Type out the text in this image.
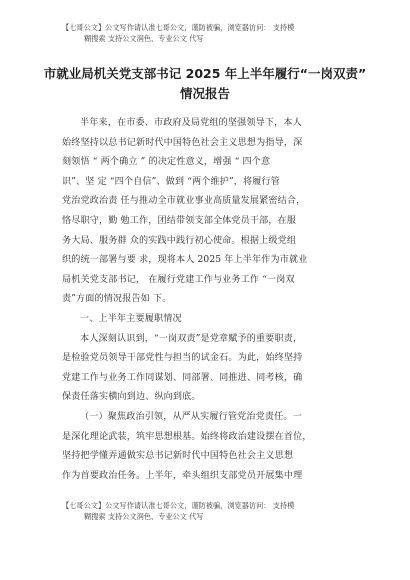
【七哥公文】公文写作请认准七哥公文，谨防被骗，浏览器访问： 支持模
糊搜索 支持公文润色、专业公文 代写
市就业局机关党支部书记 2025 年上半年履行“一岗双责”
情况报告
半年来，在市委、市政府及局党组的坚强领导下，本人
始终坚持以总书记新时代中国特色社会主义思想为指导，深
刻领悟 “ 两个确立 ” 的决定性意义，增强 “ 四个意
识”、坚 定 “四个自信”、做到 “两个维护”，将履行管
党治党政治责 任与推动全市就业事业高质量发展紧密结合，
恪尽职守，勤 勉工作，团结带领支部全体党员干部，在服
务大局、服务群 众的实践中践行初心使命。根据上级党组
织的统一部署与要 求，现将本人 2025 年上半年作为市就业
局机关党支部书记， 在履行党建工作与业务工作 “一岗双
责”方面的情况报告如 下。
一、上半年主要履职情况
本人深刻认识到，“一岗双责”是党章赋予的重要职责，
是检验党员领导干部党性与担当的试金石。为此，始终坚持
党建工作与业务工作同谋划、同部署、同推进、同考核，确
保责任落实横向到边、纵向到底。
（一）聚焦政治引领，从严从实履行管党治党责任。一
是深化理论武装，筑牢思想根基。始终将政治建设摆在首位，
坚持把学懂弄通做实总书记新时代中国特色社会主义思想
作为首要政治任务。上半年，牵头组织支部党员开展集中理
【七哥公文】公文写作请认准七哥公文，谨防被骗，浏览器访问： 支持模
糊搜索 支持公文润色、专业公文 代写
